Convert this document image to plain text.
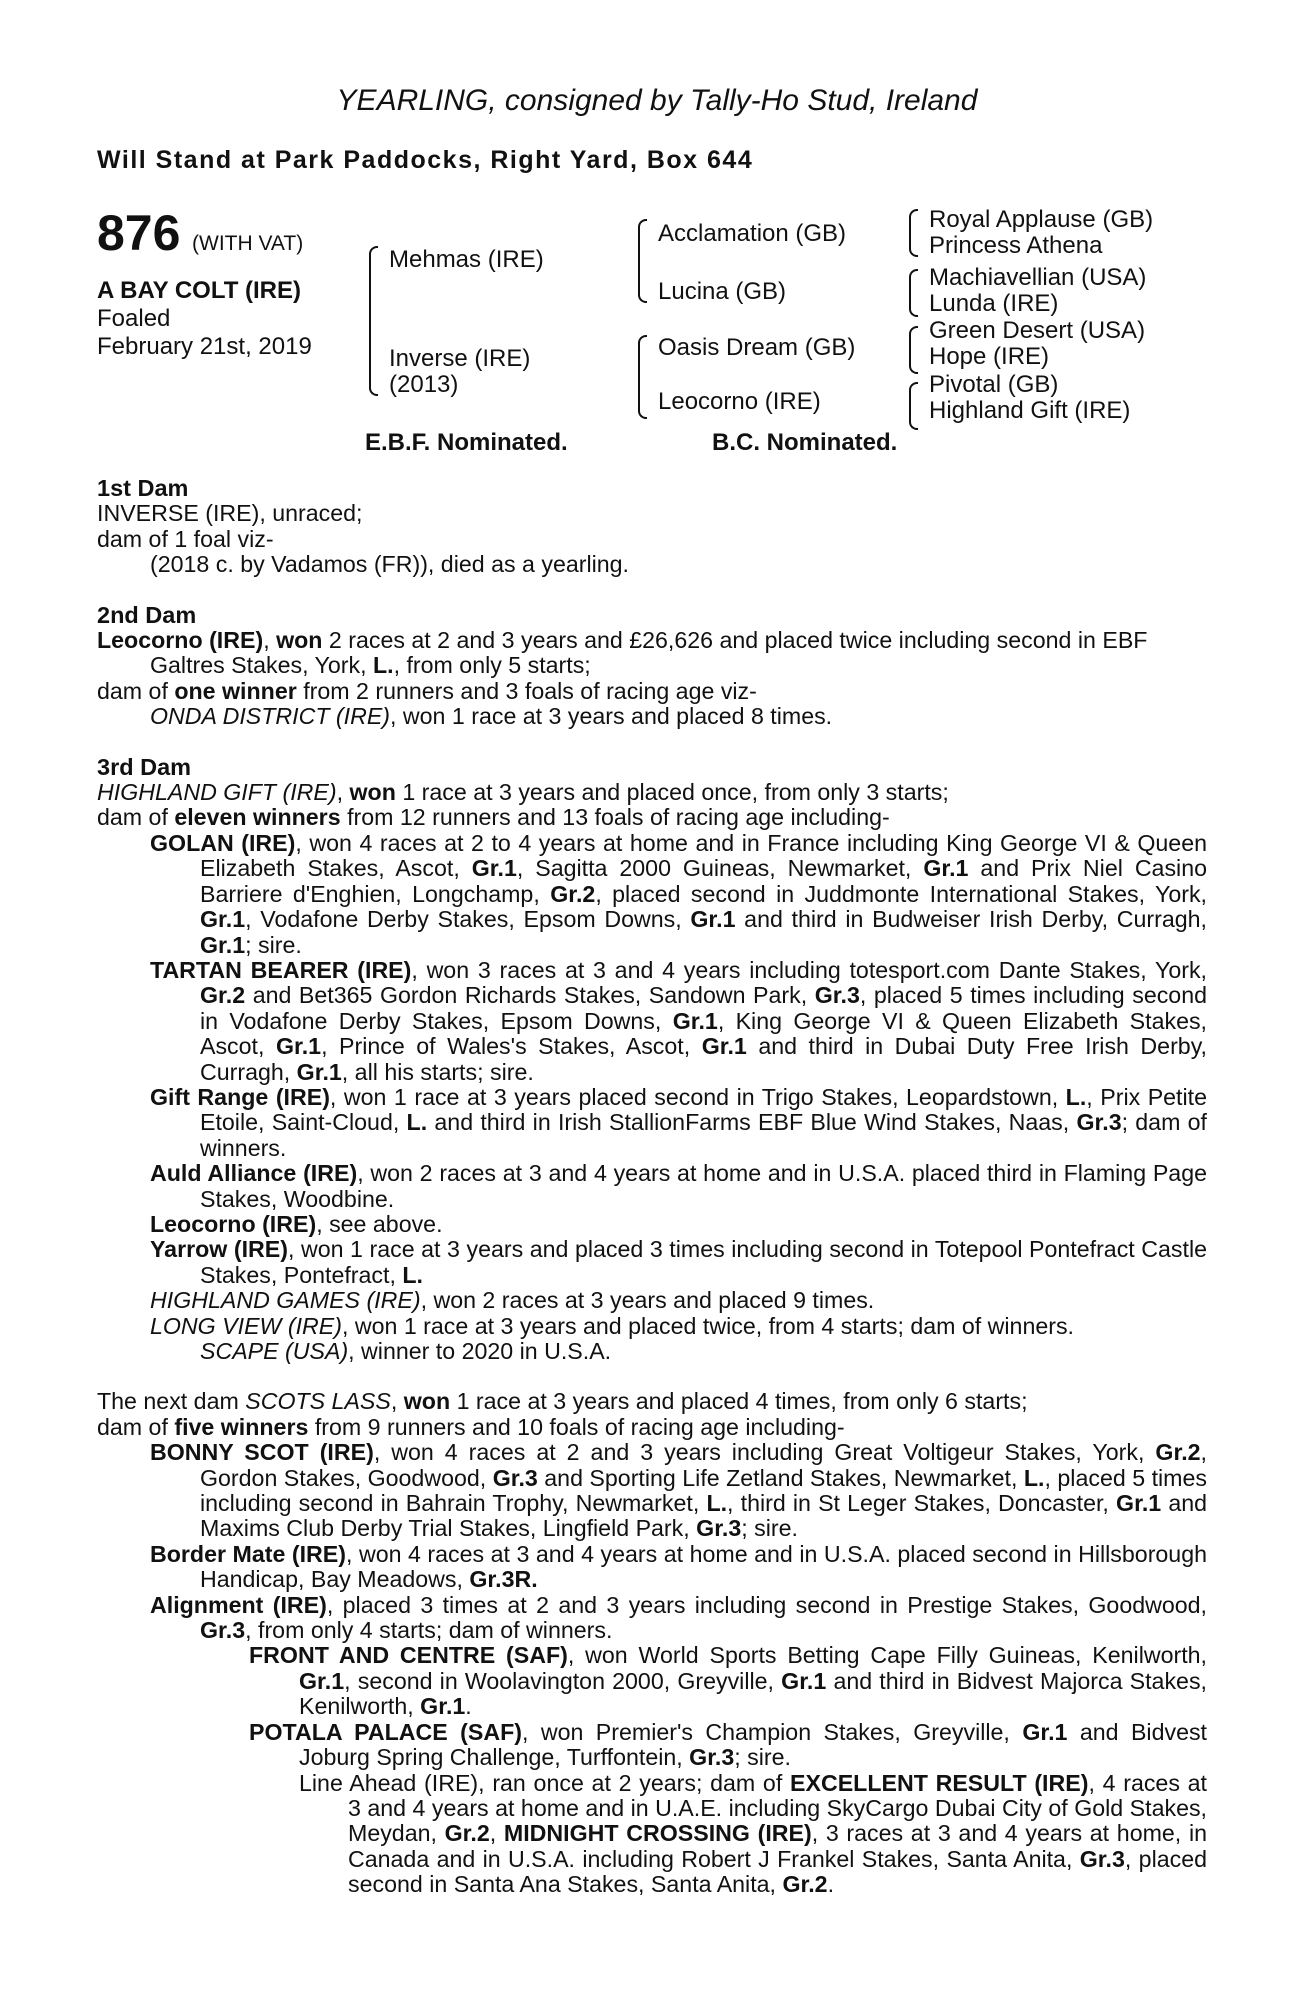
YEARLING, consigned by Tally-Ho Stud, Ireland
Will Stand at Park Paddocks, Right Yard, Box 644
876 (WITH VAT)
A BAY COLT (IRE)
Foaled
February 21st, 2019
Mehmas (IRE)
Inverse (IRE)
(2013)
Acclamation (GB)
Lucina (GB)
Oasis Dream (GB)
Leocorno (IRE)
Royal Applause (GB)
Princess Athena
Machiavellian (USA)
Lunda (IRE)
Green Desert (USA)
Hope (IRE)
Pivotal (GB)
Highland Gift (IRE)
E.B.F. Nominated.	B.C. Nominated.

1st Dam

INVERSE (IRE), unraced;

dam of 1 foal viz-

(2018 c. by Vadamos (FR)), died as a yearling.

2nd Dam

Leocorno (IRE), won 2 races at 2 and 3 years and £26,626 and placed twice including second in EBF Galtres Stakes, York, L., from only 5 starts;

dam of one winner from 2 runners and 3 foals of racing age viz-

ONDA DISTRICT (IRE), won 1 race at 3 years and placed 8 times.

3rd Dam

HIGHLAND GIFT (IRE), won 1 race at 3 years and placed once, from only 3 starts;

dam of eleven winners from 12 runners and 13 foals of racing age including-

GOLAN (IRE), won 4 races at 2 to 4 years at home and in France including King George VI & Queen Elizabeth Stakes, Ascot, Gr.1, Sagitta 2000 Guineas, Newmarket, Gr.1 and Prix Niel Casino Barriere d'Enghien, Longchamp, Gr.2, placed second in Juddmonte International Stakes, York, Gr.1, Vodafone Derby Stakes, Epsom Downs, Gr.1 and third in Budweiser Irish Derby, Curragh, Gr.1; sire.

TARTAN BEARER (IRE), won 3 races at 3 and 4 years including totesport.com Dante Stakes, York, Gr.2 and Bet365 Gordon Richards Stakes, Sandown Park, Gr.3, placed 5 times including second in Vodafone Derby Stakes, Epsom Downs, Gr.1, King George VI & Queen Elizabeth Stakes, Ascot, Gr.1, Prince of Wales's Stakes, Ascot, Gr.1 and third in Dubai Duty Free Irish Derby, Curragh, Gr.1, all his starts; sire.

Gift Range (IRE), won 1 race at 3 years placed second in Trigo Stakes, Leopardstown, L., Prix Petite Etoile, Saint-Cloud, L. and third in Irish StallionFarms EBF Blue Wind Stakes, Naas, Gr.3; dam of winners.

Auld Alliance (IRE), won 2 races at 3 and 4 years at home and in U.S.A. placed third in Flaming Page Stakes, Woodbine.

Leocorno (IRE), see above.

Yarrow (IRE), won 1 race at 3 years and placed 3 times including second in Totepool Pontefract Castle Stakes, Pontefract, L.

HIGHLAND GAMES (IRE), won 2 races at 3 years and placed 9 times.

LONG VIEW (IRE), won 1 race at 3 years and placed twice, from 4 starts; dam of winners.

SCAPE (USA), winner to 2020 in U.S.A.

The next dam SCOTS LASS, won 1 race at 3 years and placed 4 times, from only 6 starts;

dam of five winners from 9 runners and 10 foals of racing age including-

BONNY SCOT (IRE), won 4 races at 2 and 3 years including Great Voltigeur Stakes, York, Gr.2, Gordon Stakes, Goodwood, Gr.3 and Sporting Life Zetland Stakes, Newmarket, L., placed 5 times including second in Bahrain Trophy, Newmarket, L., third in St Leger Stakes, Doncaster, Gr.1 and Maxims Club Derby Trial Stakes, Lingfield Park, Gr.3; sire.

Border Mate (IRE), won 4 races at 3 and 4 years at home and in U.S.A. placed second in Hillsborough Handicap, Bay Meadows, Gr.3R.

Alignment (IRE), placed 3 times at 2 and 3 years including second in Prestige Stakes, Goodwood, Gr.3, from only 4 starts; dam of winners.

FRONT AND CENTRE (SAF), won World Sports Betting Cape Filly Guineas, Kenilworth, Gr.1, second in Woolavington 2000, Greyville, Gr.1 and third in Bidvest Majorca Stakes, Kenilworth, Gr.1.

POTALA PALACE (SAF), won Premier's Champion Stakes, Greyville, Gr.1 and Bidvest Joburg Spring Challenge, Turffontein, Gr.3; sire.

Line Ahead (IRE), ran once at 2 years; dam of EXCELLENT RESULT (IRE), 4 races at 3 and 4 years at home and in U.A.E. including SkyCargo Dubai City of Gold Stakes, Meydan, Gr.2, MIDNIGHT CROSSING (IRE), 3 races at 3 and 4 years at home, in Canada and in U.S.A. including Robert J Frankel Stakes, Santa Anita, Gr.3, placed second in Santa Ana Stakes, Santa Anita, Gr.2.
